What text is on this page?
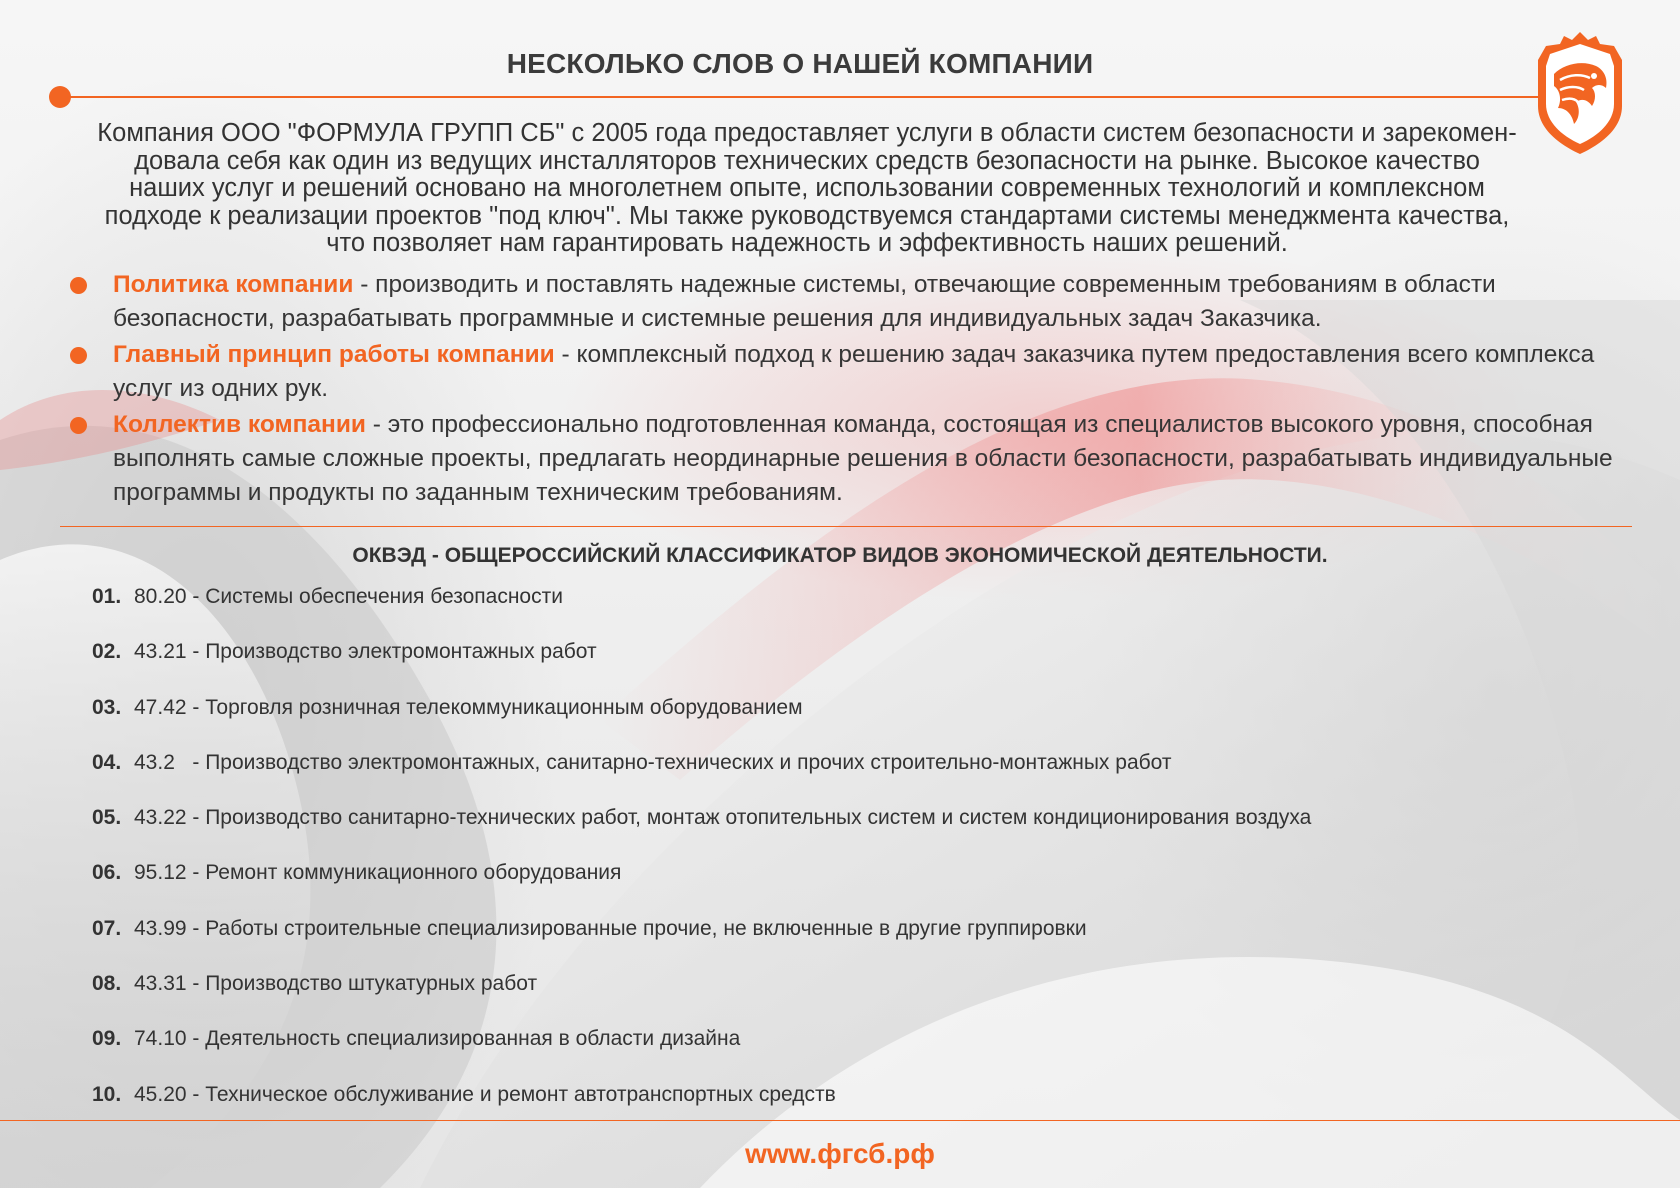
НЕСКОЛЬКО СЛОВ О НАШЕЙ КОМПАНИИ
Компания ООО "ФОРМУЛА ГРУПП СБ" с 2005 года предоставляет услуги в области систем безопасности и зарекомен-
довала себя как один из ведущих инсталляторов технических средств безопасности на рынке. Высокое качество
наших услуг и решений основано на многолетнем опыте, использовании современных технологий и комплексном
подходе к реализации проектов "под ключ". Мы также руководствуемся стандартами системы менеджмента качества,
что позволяет нам гарантировать надежность и эффективность наших решений.
Политика компании - производить и поставлять надежные системы, отвечающие современным требованиям в области безопасности, разрабатывать программные и системные решения для индивидуальных задач Заказчика.
Главный принцип работы компании - комплексный подход к решению задач заказчика путем предоставления всего комплекса услуг из одних рук.
Коллектив компании - это профессионально подготовленная команда, состоящая из специалистов высокого уровня, способная выполнять самые сложные проекты, предлагать неординарные решения в области безопасности, разрабатывать индивидуальные программы и продукты по заданным техническим требованиям.
ОКВЭД - ОБЩЕРОССИЙСКИЙ КЛАССИФИКАТОР ВИДОВ ЭКОНОМИЧЕСКОЙ ДЕЯТЕЛЬНОСТИ.
01. 80.20 - Системы обеспечения безопасности
02. 43.21 - Производство электромонтажных работ
03. 47.42 - Торговля розничная телекоммуникационным оборудованием
04. 43.2   - Производство электромонтажных, санитарно-технических и прочих строительно-монтажных работ
05. 43.22 - Производство санитарно-технических работ, монтаж отопительных систем и систем кондиционирования воздуха
06. 95.12 - Ремонт коммуникационного оборудования
07. 43.99 - Работы строительные специализированные прочие, не включенные в другие группировки
08. 43.31 - Производство штукатурных работ
09. 74.10 - Деятельность специализированная в области дизайна
10. 45.20 - Техническое обслуживание и ремонт автотранспортных средств
www.фгсб.рф
